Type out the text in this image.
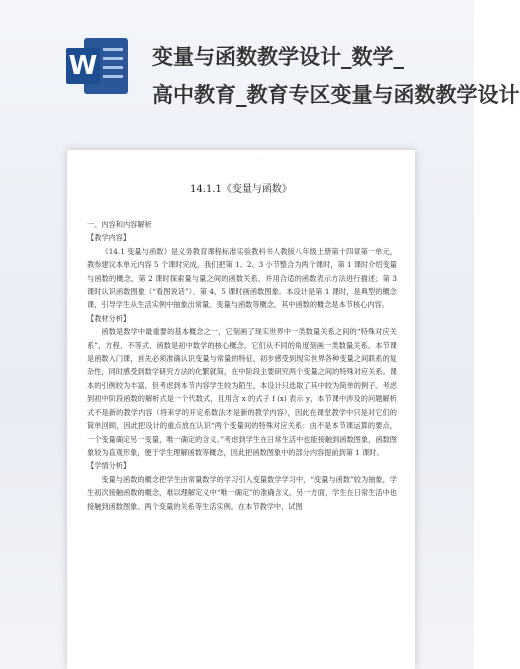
W	变量与函数教学设计_数学_
高中教育_教育专区变量与函数教学设计
·
14.1.1《变量与函数》

一、内容和内容解析

【教学内容】

《14.1 变量与函数》是义务教育课程标准实验教科书人教版八年级上册第十四章第一单元，教参建议本单元内容 5 个课时完成，我们把第 1、2、3 小节整合为两个课时，第 1 课时介绍变量与函数的概念，第 2 课时探索量与量之间的函数关系，并用合适的函数表示方法进行描述；第 3 课时认识函数图象（“看图说话”）、第 4、5 课时画函数图象。本设计是第 1 课时，是典型的概念课，引导学生从生活实例中抽象出常量、变量与函数等概念，其中函数的概念是本节核心内容。

【教材分析】

函数是数学中最重要的基本概念之一，它刻画了现实世界中一类数量关系之间的“特殊对应关系”，方程、不等式、函数是初中数学的核心概念，它们从不同的角度刻画一类数量关系。本节课是函数入门课，首先必须准确认识变量与常量的特征，初步感受到现实世界各种变量之间联系的复杂性，同时感受到数学研究方法的化繁就简，在中阶段主要研究两个变量之间的特殊对应关系。课本的引例较为丰富，但考虑到本节内容学生较为陌生，本设计只选取了其中较为简单的例子。考虑到初中阶段函数的解析式是一个代数式，且用含 x 的式子 f (x) 表示 y，本节课中涉及的问题解析式不是新的教学内容（将来学的开定系数法才是新的教学内容），因此在课堂教学中只是对它们的简单回顾，因此把设计的重点放在认识“两个变量间的特殊对应关系：由不是本节课运算的要点，一个变量确定另一变量，唯一确定的含义。”考虑到学生在日常生活中也能接触到函数图象，函数图象较为直观形象，便于学生理解函数等概念，因此把函数图象中的部分内容提前到第 1 课时。

【学情分析】

变量与函数的概念把学生由常量数学的学习引入变量数学学习中，“变量与函数”较为抽象，学生初次接触函数的概念，难以理解定义中“唯一确定”的准确含义。另一方面，学生在日常生活中也接触到函数图象、两个变量的关系等生活实例。在本节教学中，试图
